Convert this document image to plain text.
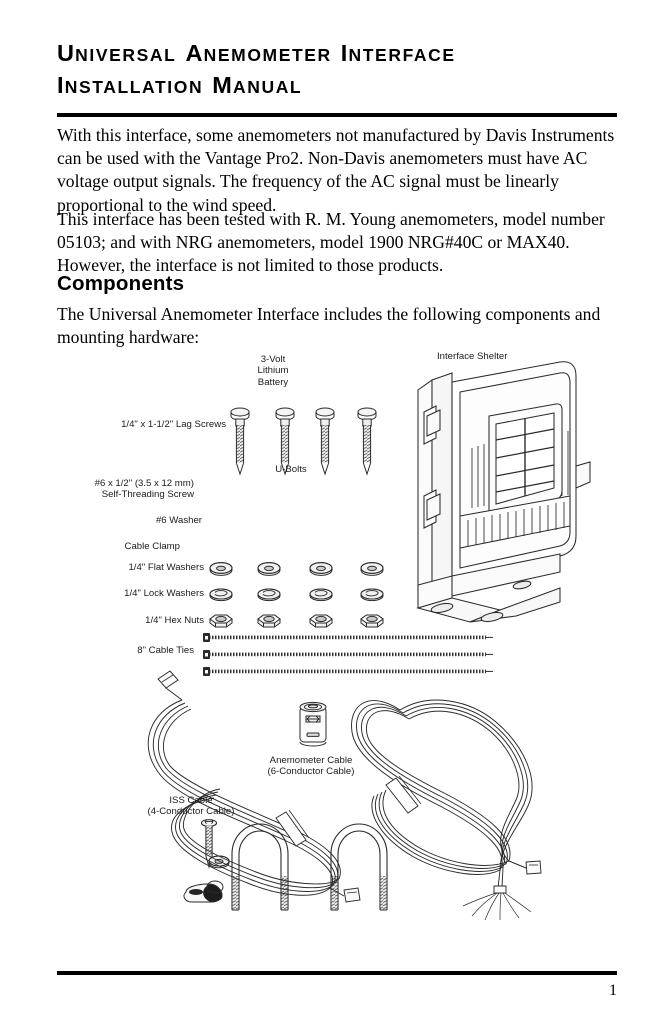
UNIVERSAL ANEMOMETER INTERFACE
INSTALLATION MANUAL
With this interface, some anemometers not manufactured by Davis Instruments can be used with the Vantage Pro2. Non-Davis anemometers must have AC voltage output signals. The frequency of the AC signal must be linearly proportional to the wind speed.
This interface has been tested with R. M. Young anemometers, model number 05103; and with NRG anemometers, model 1900 NRG#40C or MAX40. However, the interface is not limited to those products.
Components
The Universal Anemometer Interface includes the following components and mounting hardware:
3-Volt
Lithium
Battery
1/4" x 1-1/2" Lag Screws
U-Bolts
#6 x 1/2" (3.5 x 12 mm)
Self-Threading Screw
#6 Washer
Cable Clamp
1/4" Flat Washers
1/4" Lock Washers
1/4" Hex Nuts
8" Cable Ties
Interface Shelter
ISS Cable
(4-Conductor Cable)
Anemometer Cable
(6-Conductor Cable)
1
